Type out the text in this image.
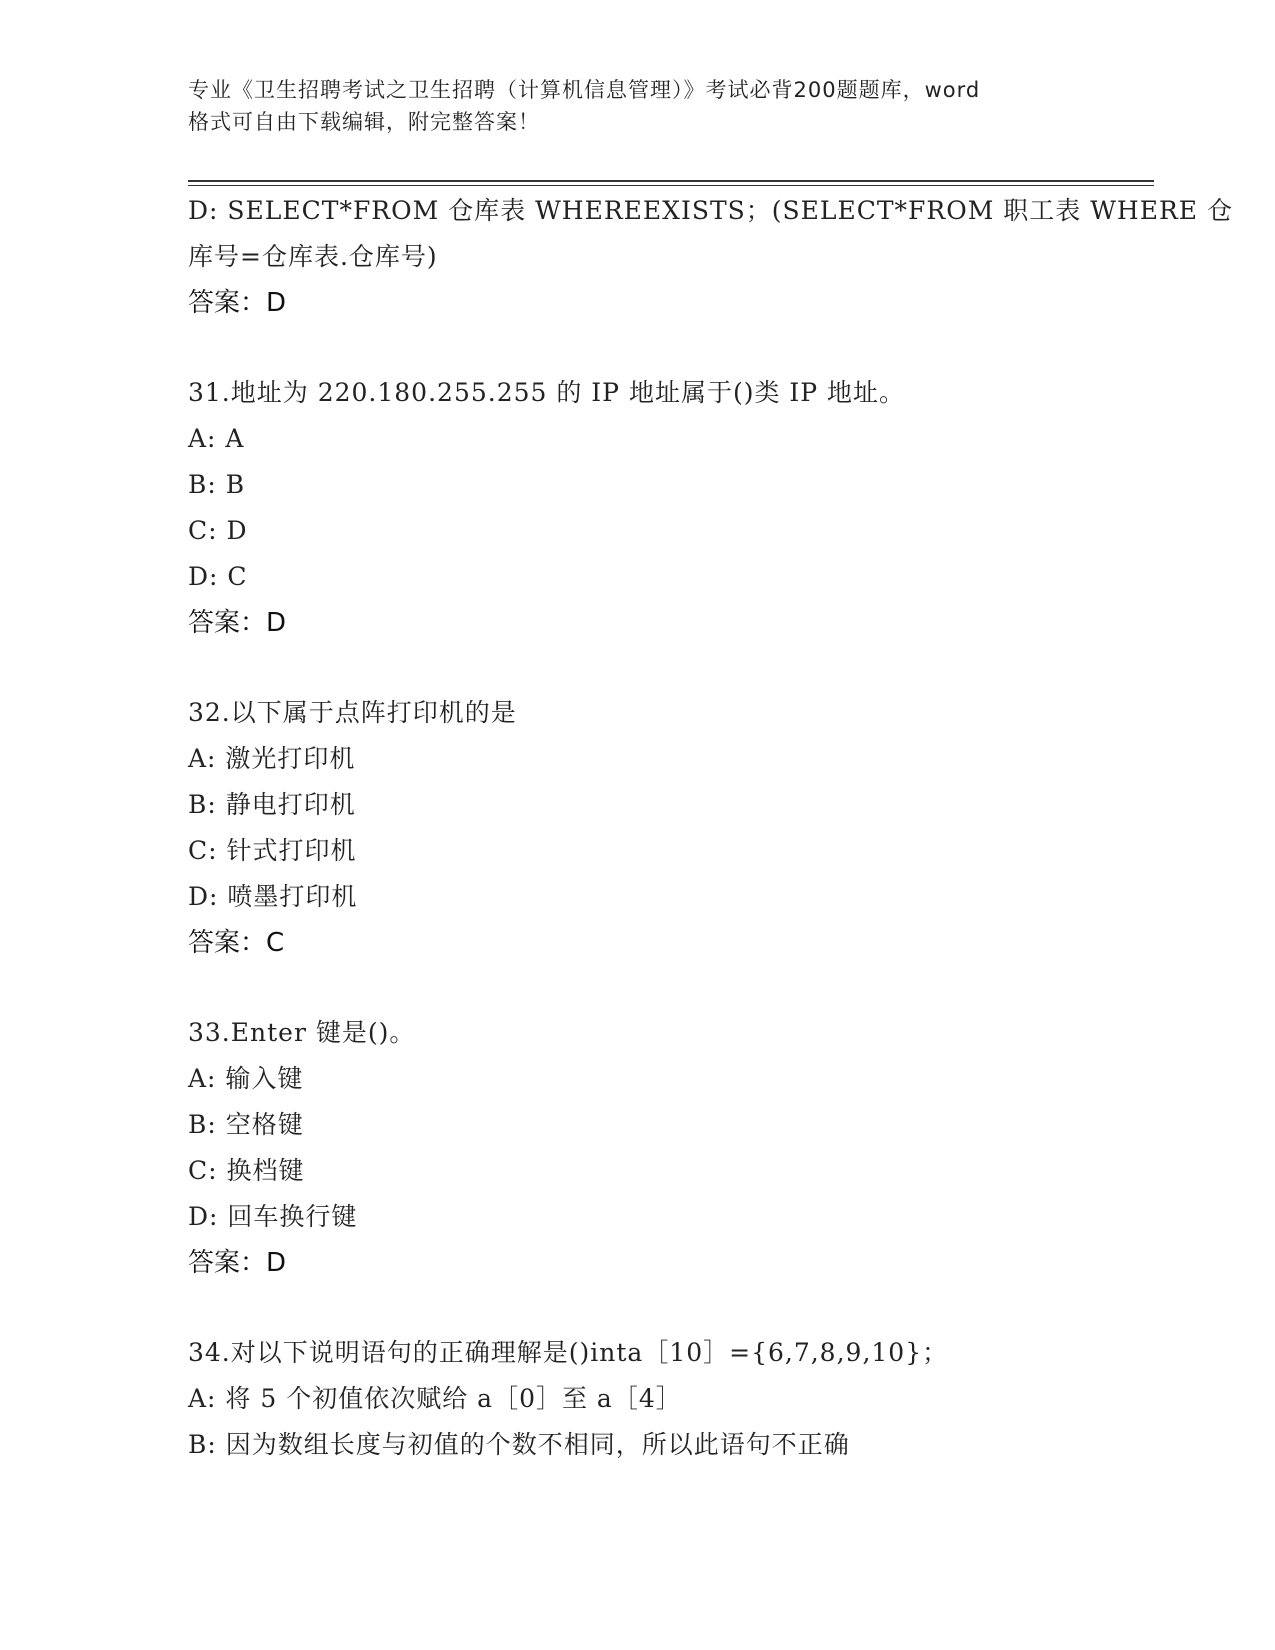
专业《卫生招聘考试之卫生招聘（计算机信息管理）》考试必背200题题库，word
格式可自由下载编辑，附完整答案！
D: SELECT*FROM 仓库表 WHEREEXISTS；(SELECT*FROM 职工表 WHERE 仓
库号=仓库表.仓库号)
答案：D
31.地址为 220.180.255.255 的 IP 地址属于()类 IP 地址。
A: A
B: B
C: D
D: C
答案：D
32.以下属于点阵打印机的是
A: 激光打印机
B: 静电打印机
C: 针式打印机
D: 喷墨打印机
答案：C
33.Enter 键是()。
A: 输入键
B: 空格键
C: 换档键
D: 回车换行键
答案：D
34.对以下说明语句的正确理解是()inta［10］={6,7,8,9,10}；
A: 将 5 个初值依次赋给 a［0］至 a［4］
B: 因为数组长度与初值的个数不相同，所以此语句不正确
